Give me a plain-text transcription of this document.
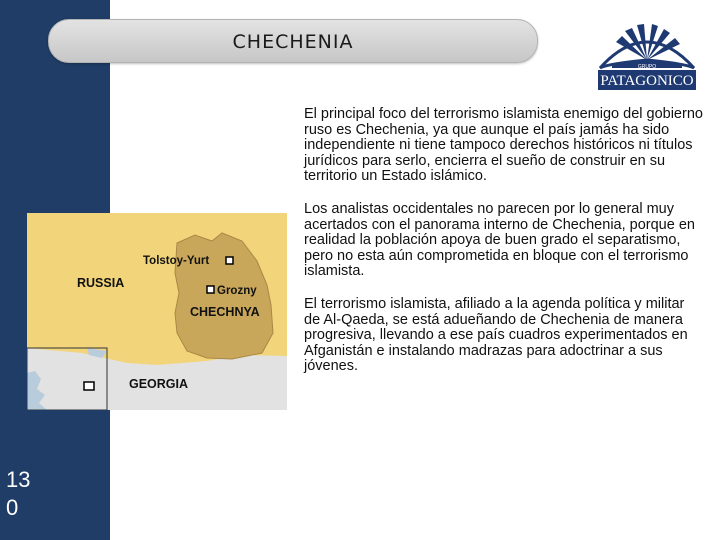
13
0
CHECHENIA
GRUPO
PATAGONICO

El principal foco del terrorismo islamista enemigo del gobierno ruso es Chechenia, ya que aunque el país jamás ha sido independiente ni tiene tampoco derechos históricos ni títulos jurídicos para serlo, encierra el sueño de construir en su territorio un Estado islámico.

Los analistas occidentales no parecen por lo general muy acertados con el panorama interno de Chechenia, porque en realidad la población apoya de buen grado el separatismo, pero no esta aún comprometida en bloque con el terrorismo islamista.

El terrorismo islamista, afiliado a la agenda política y militar de Al-Qaeda, se está adueñando de Chechenia de manera progresiva, llevando a ese país cuadros experimentados en Afganistán e instalando madrazas para adoctrinar a sus jóvenes.

Tolstoy-Yurt
Grozny
RUSSIA
CHECHNYA
GEORGIA
